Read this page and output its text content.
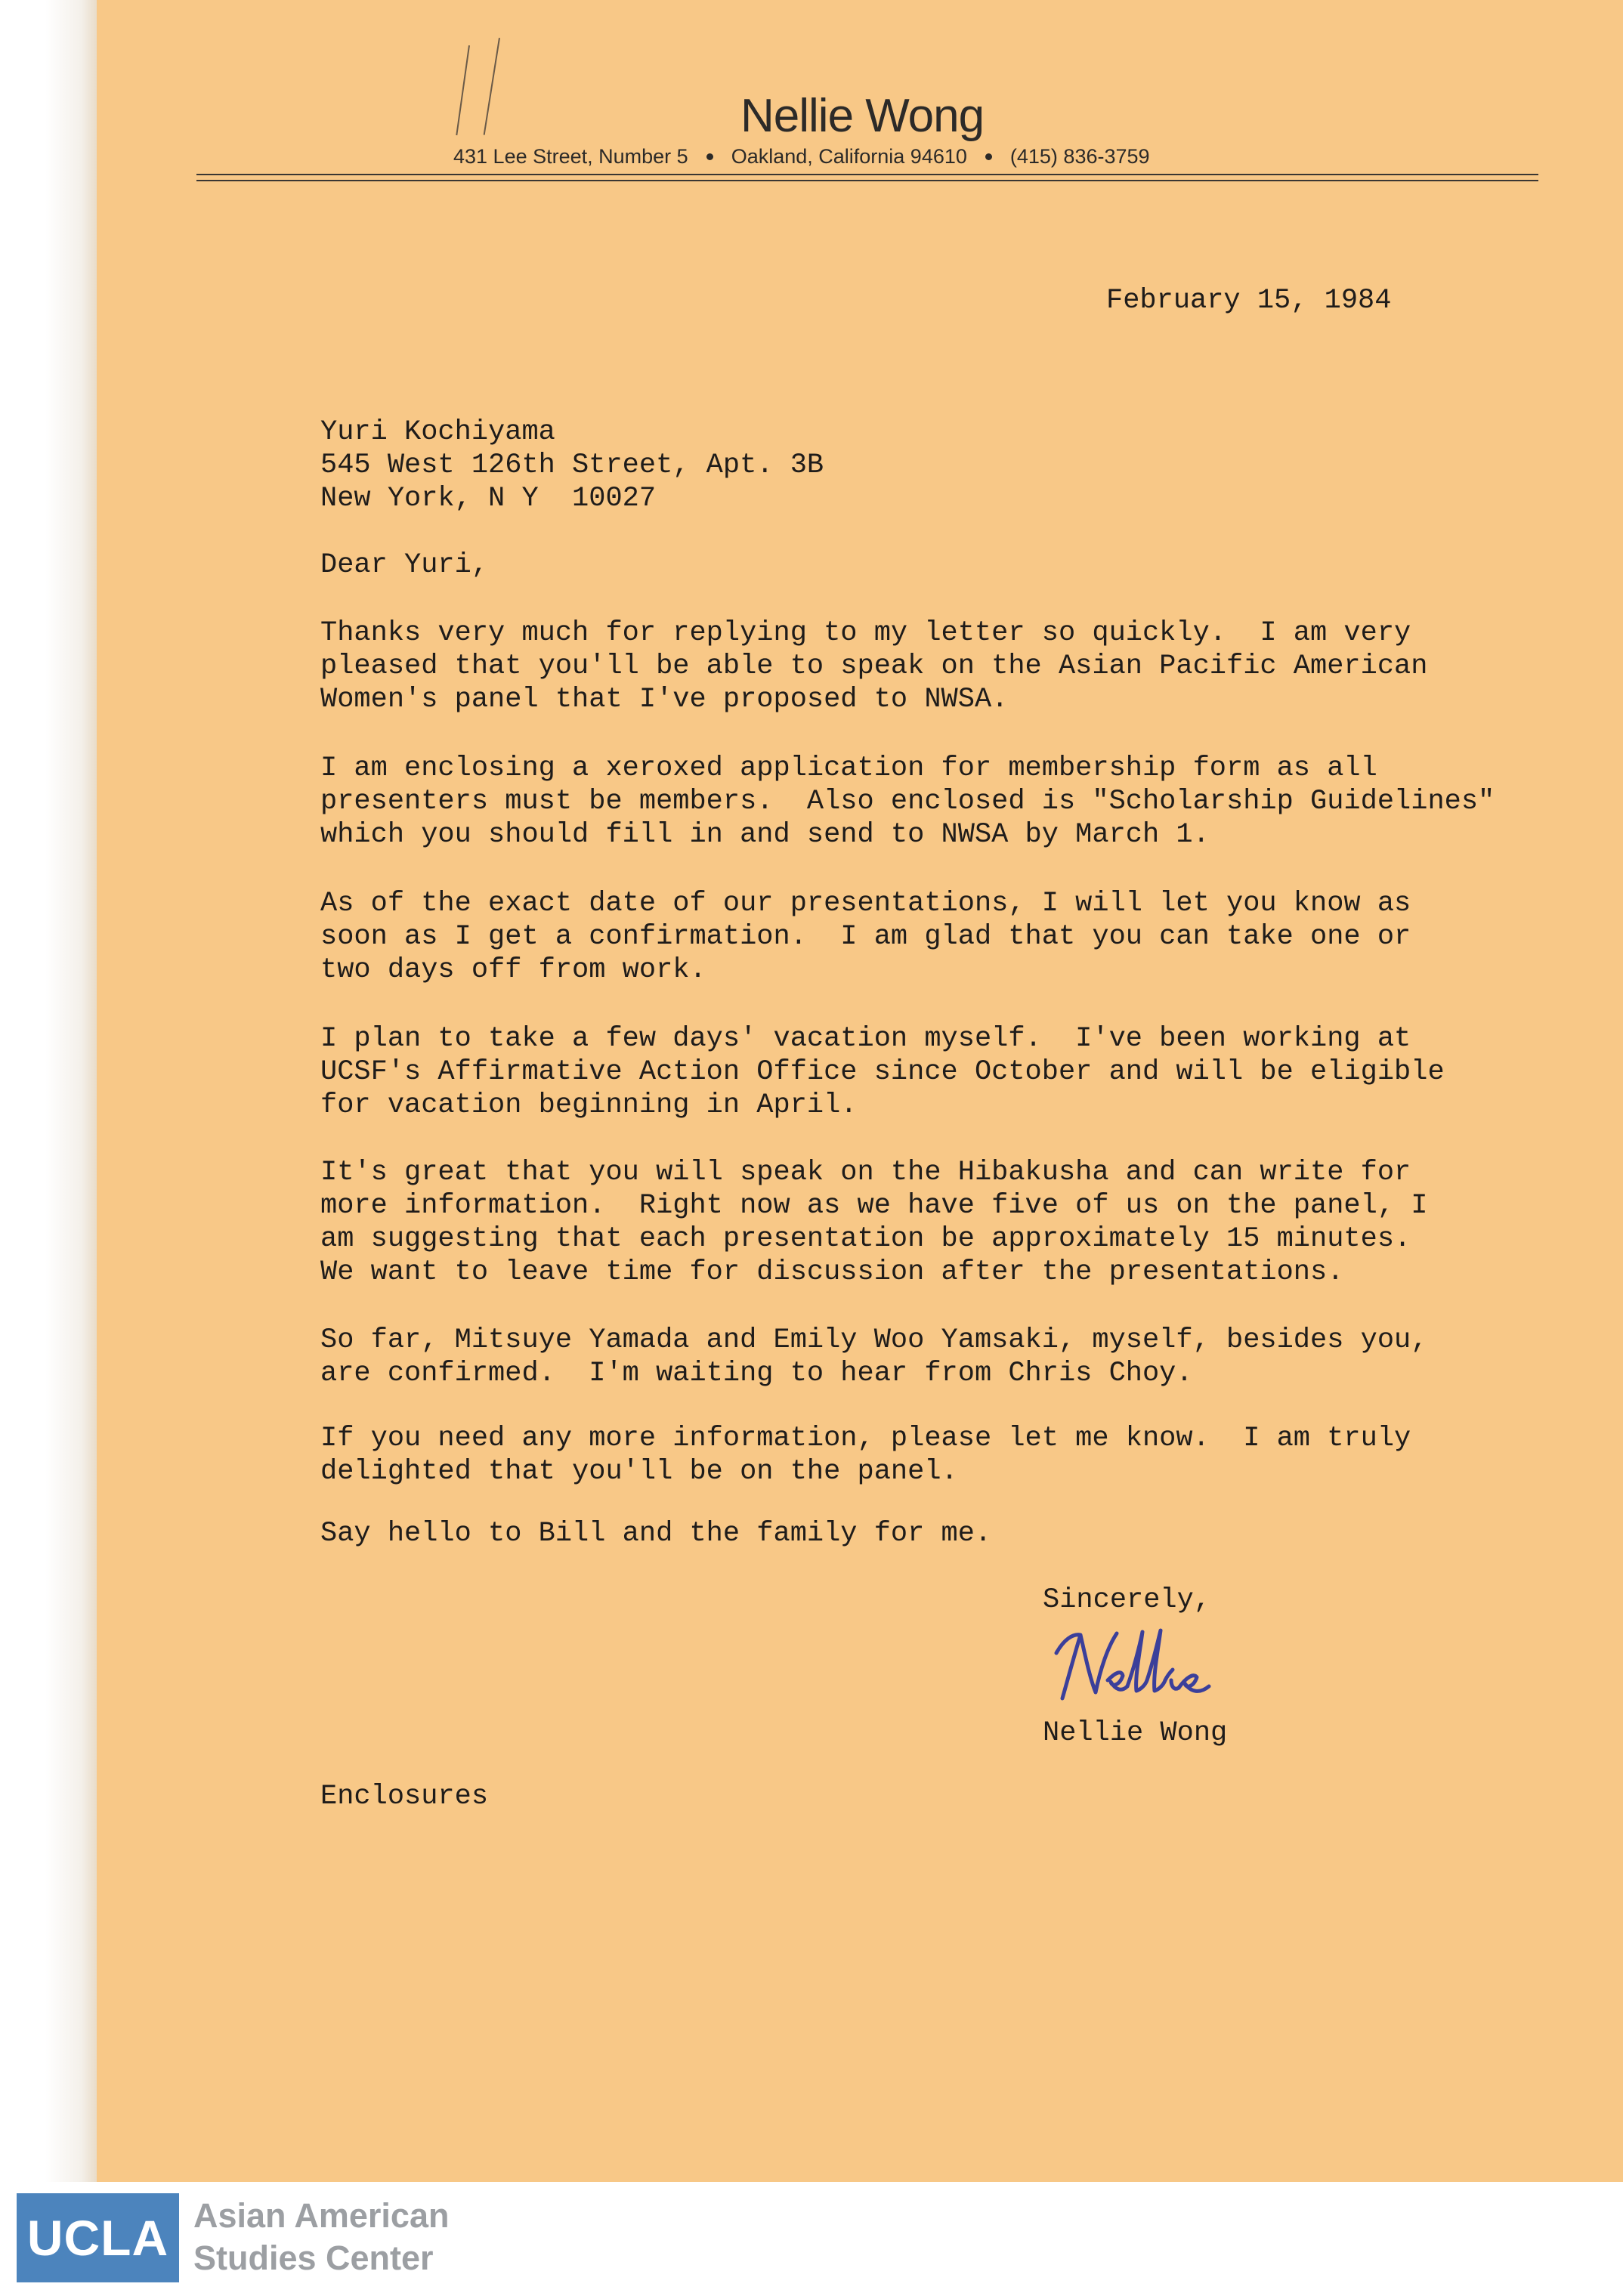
Nellie Wong
431 Lee Street, Number 5 Oakland, California 94610 (415) 836-3759
February 15, 1984
Yuri Kochiyama
545 West 126th Street, Apt. 3B
New York, N Y  10027
Dear Yuri,
Thanks very much for replying to my letter so quickly.  I am very
pleased that you'll be able to speak on the Asian Pacific American
Women's panel that I've proposed to NWSA.
I am enclosing a xeroxed application for membership form as all
presenters must be members.  Also enclosed is "Scholarship Guidelines"
which you should fill in and send to NWSA by March 1.
As of the exact date of our presentations, I will let you know as
soon as I get a confirmation.  I am glad that you can take one or
two days off from work.
I plan to take a few days' vacation myself.  I've been working at
UCSF's Affirmative Action Office since October and will be eligible
for vacation beginning in April.
It's great that you will speak on the Hibakusha and can write for
more information.  Right now as we have five of us on the panel, I
am suggesting that each presentation be approximately 15 minutes.
We want to leave time for discussion after the presentations.
So far, Mitsuye Yamada and Emily Woo Yamsaki, myself, besides you,
are confirmed.  I'm waiting to hear from Chris Choy.
If you need any more information, please let me know.  I am truly
delighted that you'll be on the panel.
Say hello to Bill and the family for me.
Sincerely,
Nellie Wong
Enclosures
UCLA Asian American
Studies Center
